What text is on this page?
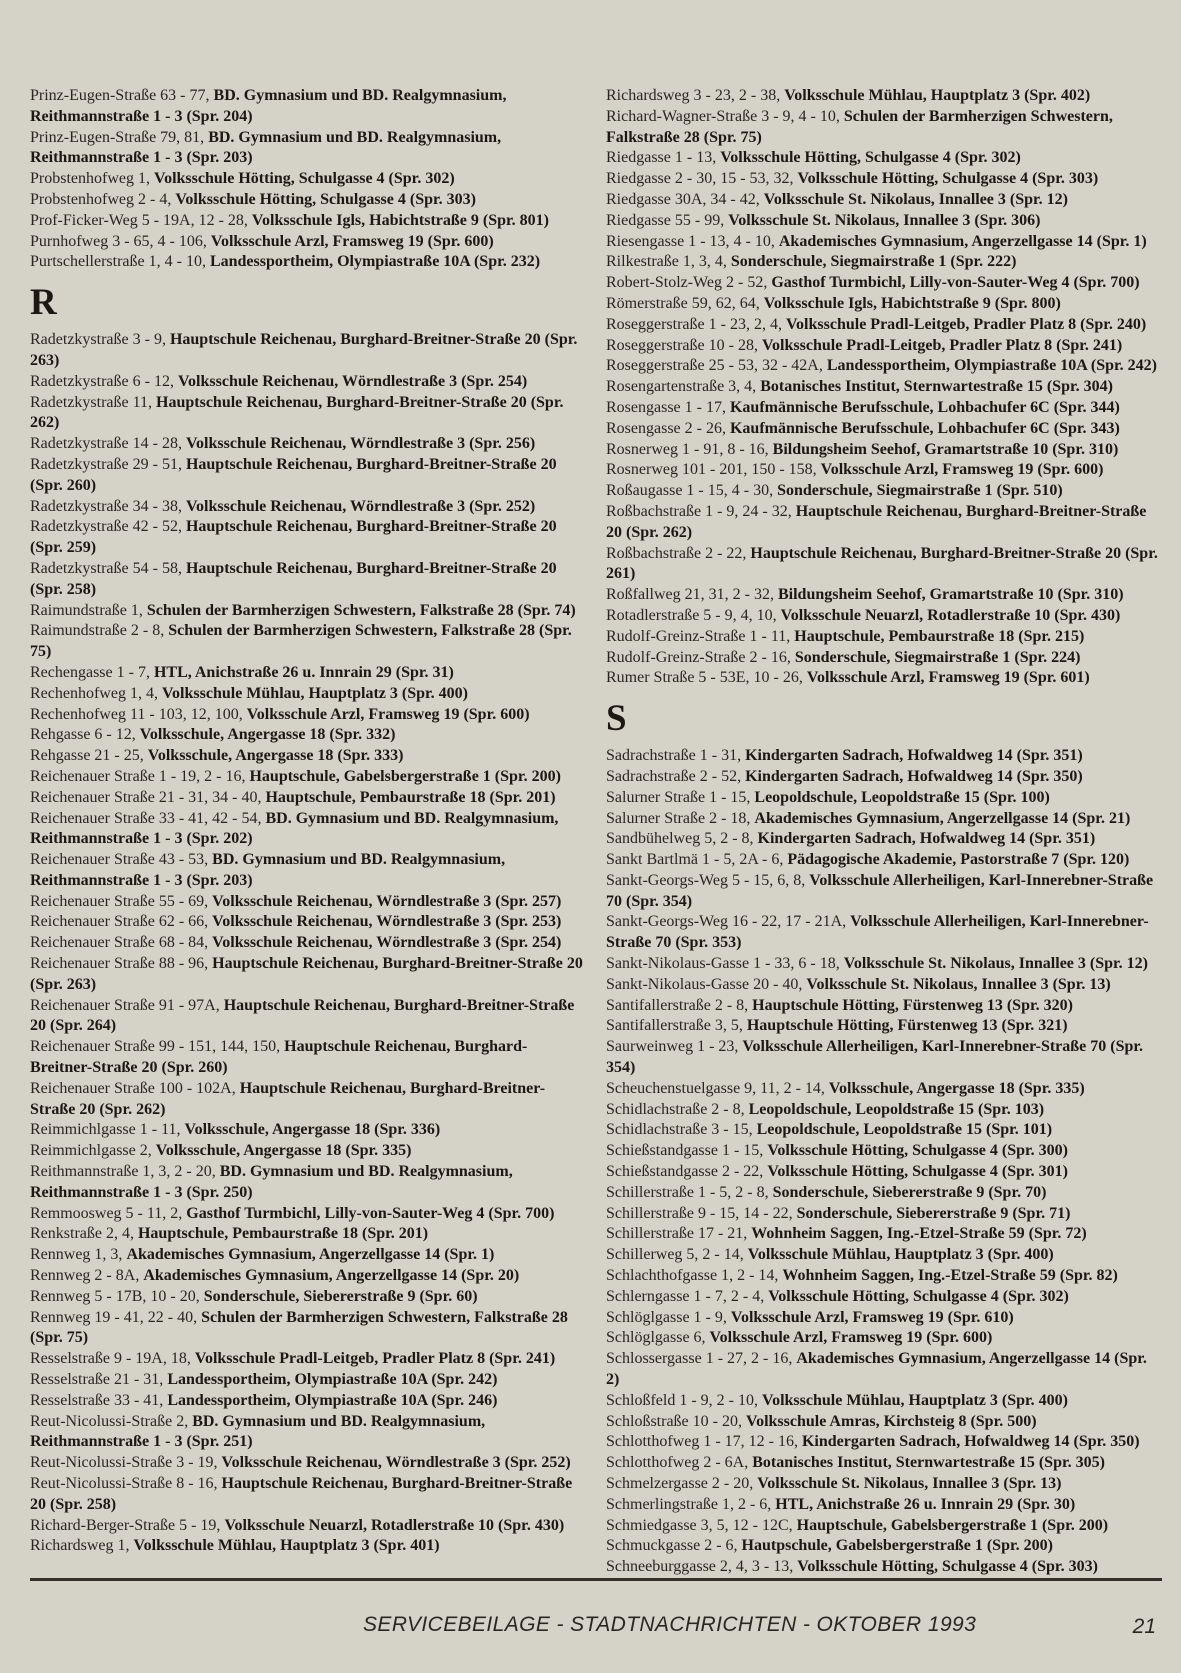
Prinz-Eugen-Straße 63 - 77, BD. Gymnasium und BD. Realgymnasium, Reithmannstraße 1 - 3 (Spr. 204)

Prinz-Eugen-Straße 79, 81, BD. Gymnasium und BD. Realgymnasium, Reithmannstraße 1 - 3 (Spr. 203)

Probstenhofweg 1, Volksschule Hötting, Schulgasse 4 (Spr. 302)

Probstenhofweg 2 - 4, Volksschule Hötting, Schulgasse 4 (Spr. 303)

Prof-Ficker-Weg 5 - 19A, 12 - 28, Volksschule Igls, Habichtstraße 9 (Spr. 801)

Purnhofweg 3 - 65, 4 - 106, Volksschule Arzl, Framsweg 19 (Spr. 600)

Purtschellerstraße 1, 4 - 10, Landessportheim, Olympiastraße 10A (Spr. 232)

R

Radetzkystraße 3 - 9, Hauptschule Reichenau, Burghard-Breitner-Straße 20 (Spr. 263)

Radetzkystraße 6 - 12, Volksschule Reichenau, Wörndlestraße 3 (Spr. 254)

Radetzkystraße 11, Hauptschule Reichenau, Burghard-Breitner-Straße 20 (Spr. 262)

Radetzkystraße 14 - 28, Volksschule Reichenau, Wörndlestraße 3 (Spr. 256)

Radetzkystraße 29 - 51, Hauptschule Reichenau, Burghard-Breitner-Straße 20 (Spr. 260)

Radetzkystraße 34 - 38, Volksschule Reichenau, Wörndlestraße 3 (Spr. 252)

Radetzkystraße 42 - 52, Hauptschule Reichenau, Burghard-Breitner-Straße 20 (Spr. 259)

Radetzkystraße 54 - 58, Hauptschule Reichenau, Burghard-Breitner-Straße 20 (Spr. 258)

Raimundstraße 1, Schulen der Barmherzigen Schwestern, Falkstraße 28 (Spr. 74)

Raimundstraße 2 - 8, Schulen der Barmherzigen Schwestern, Falkstraße 28 (Spr. 75)

Rechengasse 1 - 7, HTL, Anichstraße 26 u. Innrain 29 (Spr. 31)

Rechenhofweg 1, 4, Volksschule Mühlau, Hauptplatz 3 (Spr. 400)

Rechenhofweg 11 - 103, 12, 100, Volksschule Arzl, Framsweg 19 (Spr. 600)

Rehgasse 6 - 12, Volksschule, Angergasse 18 (Spr. 332)

Rehgasse 21 - 25, Volksschule, Angergasse 18 (Spr. 333)

Reichenauer Straße 1 - 19, 2 - 16, Hauptschule, Gabelsbergerstraße 1 (Spr. 200)

Reichenauer Straße 21 - 31, 34 - 40, Hauptschule, Pembaurstraße 18 (Spr. 201)

Reichenauer Straße 33 - 41, 42 - 54, BD. Gymnasium und BD. Realgymnasium, Reithmannstraße 1 - 3 (Spr. 202)

Reichenauer Straße 43 - 53, BD. Gymnasium und BD. Realgymnasium, Reithmannstraße 1 - 3 (Spr. 203)

Reichenauer Straße 55 - 69, Volksschule Reichenau, Wörndlestraße 3 (Spr. 257)

Reichenauer Straße 62 - 66, Volksschule Reichenau, Wörndlestraße 3 (Spr. 253)

Reichenauer Straße 68 - 84, Volksschule Reichenau, Wörndlestraße 3 (Spr. 254)

Reichenauer Straße 88 - 96, Hauptschule Reichenau, Burghard-Breitner-Straße 20 (Spr. 263)

Reichenauer Straße 91 - 97A, Hauptschule Reichenau, Burghard-Breitner-Straße 20 (Spr. 264)

Reichenauer Straße 99 - 151, 144, 150, Hauptschule Reichenau, Burghard-Breitner-Straße 20 (Spr. 260)

Reichenauer Straße 100 - 102A, Hauptschule Reichenau, Burghard-Breitner-Straße 20 (Spr. 262)

Reimmichlgasse 1 - 11, Volksschule, Angergasse 18 (Spr. 336)

Reimmichlgasse 2, Volksschule, Angergasse 18 (Spr. 335)

Reithmannstraße 1, 3, 2 - 20, BD. Gymnasium und BD. Realgymnasium, Reithmannstraße 1 - 3 (Spr. 250)

Remmoosweg 5 - 11, 2, Gasthof Turmbichl, Lilly-von-Sauter-Weg 4 (Spr. 700)

Renkstraße 2, 4, Hauptschule, Pembaurstraße 18 (Spr. 201)

Rennweg 1, 3, Akademisches Gymnasium, Angerzellgasse 14 (Spr. 1)

Rennweg 2 - 8A, Akademisches Gymnasium, Angerzellgasse 14 (Spr. 20)

Rennweg 5 - 17B, 10 - 20, Sonderschule, Siebererstraße 9 (Spr. 60)

Rennweg 19 - 41, 22 - 40, Schulen der Barmherzigen Schwestern, Falkstraße 28 (Spr. 75)

Resselstraße 9 - 19A, 18, Volksschule Pradl-Leitgeb, Pradler Platz 8 (Spr. 241)

Resselstraße 21 - 31, Landessportheim, Olympiastraße 10A (Spr. 242)

Resselstraße 33 - 41, Landessportheim, Olympiastraße 10A (Spr. 246)

Reut-Nicolussi-Straße 2, BD. Gymnasium und BD. Realgymnasium, Reithmannstraße 1 - 3 (Spr. 251)

Reut-Nicolussi-Straße 3 - 19, Volksschule Reichenau, Wörndlestraße 3 (Spr. 252)

Reut-Nicolussi-Straße 8 - 16, Hauptschule Reichenau, Burghard-Breitner-Straße 20 (Spr. 258)

Richard-Berger-Straße 5 - 19, Volksschule Neuarzl, Rotadlerstraße 10 (Spr. 430)

Richardsweg 1, Volksschule Mühlau, Hauptplatz 3 (Spr. 401)

Richardsweg 3 - 23, 2 - 38, Volksschule Mühlau, Hauptplatz 3 (Spr. 402)

Richard-Wagner-Straße 3 - 9, 4 - 10, Schulen der Barmherzigen Schwestern, Falkstraße 28 (Spr. 75)

Riedgasse 1 - 13, Volksschule Hötting, Schulgasse 4 (Spr. 302)

Riedgasse 2 - 30, 15 - 53, 32, Volksschule Hötting, Schulgasse 4 (Spr. 303)

Riedgasse 30A, 34 - 42, Volksschule St. Nikolaus, Innallee 3 (Spr. 12)

Riedgasse 55 - 99, Volksschule St. Nikolaus, Innallee 3 (Spr. 306)

Riesengasse 1 - 13, 4 - 10, Akademisches Gymnasium, Angerzellgasse 14 (Spr. 1)

Rilkestraße 1, 3, 4, Sonderschule, Siegmairstraße 1 (Spr. 222)

Robert-Stolz-Weg 2 - 52, Gasthof Turmbichl, Lilly-von-Sauter-Weg 4 (Spr. 700)

Römerstraße 59, 62, 64, Volksschule Igls, Habichtstraße 9 (Spr. 800)

Roseggerstraße 1 - 23, 2, 4, Volksschule Pradl-Leitgeb, Pradler Platz 8 (Spr. 240)

Roseggerstraße 10 - 28, Volksschule Pradl-Leitgeb, Pradler Platz 8 (Spr. 241)

Roseggerstraße 25 - 53, 32 - 42A, Landessportheim, Olympiastraße 10A (Spr. 242)

Rosengartenstraße 3, 4, Botanisches Institut, Sternwartestraße 15 (Spr. 304)

Rosengasse 1 - 17, Kaufmännische Berufsschule, Lohbachufer 6C (Spr. 344)

Rosengasse 2 - 26, Kaufmännische Berufsschule, Lohbachufer 6C (Spr. 343)

Rosnerweg 1 - 91, 8 - 16, Bildungsheim Seehof, Gramartstraße 10 (Spr. 310)

Rosnerweg 101 - 201, 150 - 158, Volksschule Arzl, Framsweg 19 (Spr. 600)

Roßaugasse 1 - 15, 4 - 30, Sonderschule, Siegmairstraße 1 (Spr. 510)

Roßbachstraße 1 - 9, 24 - 32, Hauptschule Reichenau, Burghard-Breitner-Straße 20 (Spr. 262)

Roßbachstraße 2 - 22, Hauptschule Reichenau, Burghard-Breitner-Straße 20 (Spr. 261)

Roßfallweg 21, 31, 2 - 32, Bildungsheim Seehof, Gramartstraße 10 (Spr. 310)

Rotadlerstraße 5 - 9, 4, 10, Volksschule Neuarzl, Rotadlerstraße 10 (Spr. 430)

Rudolf-Greinz-Straße 1 - 11, Hauptschule, Pembaurstraße 18 (Spr. 215)

Rudolf-Greinz-Straße 2 - 16, Sonderschule, Siegmairstraße 1 (Spr. 224)

Rumer Straße 5 - 53E, 10 - 26, Volksschule Arzl, Framsweg 19 (Spr. 601)

S

Sadrachstraße 1 - 31, Kindergarten Sadrach, Hofwaldweg 14 (Spr. 351)

Sadrachstraße 2 - 52, Kindergarten Sadrach, Hofwaldweg 14 (Spr. 350)

Salurner Straße 1 - 15, Leopoldschule, Leopoldstraße 15 (Spr. 100)

Salurner Straße 2 - 18, Akademisches Gymnasium, Angerzellgasse 14 (Spr. 21)

Sandbühelweg 5, 2 - 8, Kindergarten Sadrach, Hofwaldweg 14 (Spr. 351)

Sankt Bartlmä 1 - 5, 2A - 6, Pädagogische Akademie, Pastorstraße 7 (Spr. 120)

Sankt-Georgs-Weg 5 - 15, 6, 8, Volksschule Allerheiligen, Karl-Innerebner-Straße 70 (Spr. 354)

Sankt-Georgs-Weg 16 - 22, 17 - 21A, Volksschule Allerheiligen, Karl-Innerebner-Straße 70 (Spr. 353)

Sankt-Nikolaus-Gasse 1 - 33, 6 - 18, Volksschule St. Nikolaus, Innallee 3 (Spr. 12)

Sankt-Nikolaus-Gasse 20 - 40, Volksschule St. Nikolaus, Innallee 3 (Spr. 13)

Santifallerstraße 2 - 8, Hauptschule Hötting, Fürstenweg 13 (Spr. 320)

Santifallerstraße 3, 5, Hauptschule Hötting, Fürstenweg 13 (Spr. 321)

Saurweinweg 1 - 23, Volksschule Allerheiligen, Karl-Innerebner-Straße 70 (Spr. 354)

Scheuchenstuelgasse 9, 11, 2 - 14, Volksschule, Angergasse 18 (Spr. 335)

Schidlachstraße 2 - 8, Leopoldschule, Leopoldstraße 15 (Spr. 103)

Schidlachstraße 3 - 15, Leopoldschule, Leopoldstraße 15 (Spr. 101)

Schießstandgasse 1 - 15, Volksschule Hötting, Schulgasse 4 (Spr. 300)

Schießstandgasse 2 - 22, Volksschule Hötting, Schulgasse 4 (Spr. 301)

Schillerstraße 1 - 5, 2 - 8, Sonderschule, Siebererstraße 9 (Spr. 70)

Schillerstraße 9 - 15, 14 - 22, Sonderschule, Siebererstraße 9 (Spr. 71)

Schillerstraße 17 - 21, Wohnheim Saggen, Ing.-Etzel-Straße 59 (Spr. 72)

Schillerweg 5, 2 - 14, Volksschule Mühlau, Hauptplatz 3 (Spr. 400)

Schlachthofgasse 1, 2 - 14, Wohnheim Saggen, Ing.-Etzel-Straße 59 (Spr. 82)

Schlerngasse 1 - 7, 2 - 4, Volksschule Hötting, Schulgasse 4 (Spr. 302)

Schlöglgasse 1 - 9, Volksschule Arzl, Framsweg 19 (Spr. 610)

Schlöglgasse 6, Volksschule Arzl, Framsweg 19 (Spr. 600)

Schlossergasse 1 - 27, 2 - 16, Akademisches Gymnasium, Angerzellgasse 14 (Spr. 2)

Schloßfeld 1 - 9, 2 - 10, Volksschule Mühlau, Hauptplatz 3 (Spr. 400)

Schloßstraße 10 - 20, Volksschule Amras, Kirchsteig 8 (Spr. 500)

Schlotthofweg 1 - 17, 12 - 16, Kindergarten Sadrach, Hofwaldweg 14 (Spr. 350)

Schlotthofweg 2 - 6A, Botanisches Institut, Sternwartestraße 15 (Spr. 305)

Schmelzergasse 2 - 20, Volksschule St. Nikolaus, Innallee 3 (Spr. 13)

Schmerlingstraße 1, 2 - 6, HTL, Anichstraße 26 u. Innrain 29 (Spr. 30)

Schmiedgasse 3, 5, 12 - 12C, Hauptschule, Gabelsbergerstraße 1 (Spr. 200)

Schmuckgasse 2 - 6, Hautpschule, Gabelsbergerstraße 1 (Spr. 200)

Schneeburggasse 2, 4, 3 - 13, Volksschule Hötting, Schulgasse 4 (Spr. 303)

SERVICEBEILAGE - STADTNACHRICHTEN - OKTOBER 1993	21
